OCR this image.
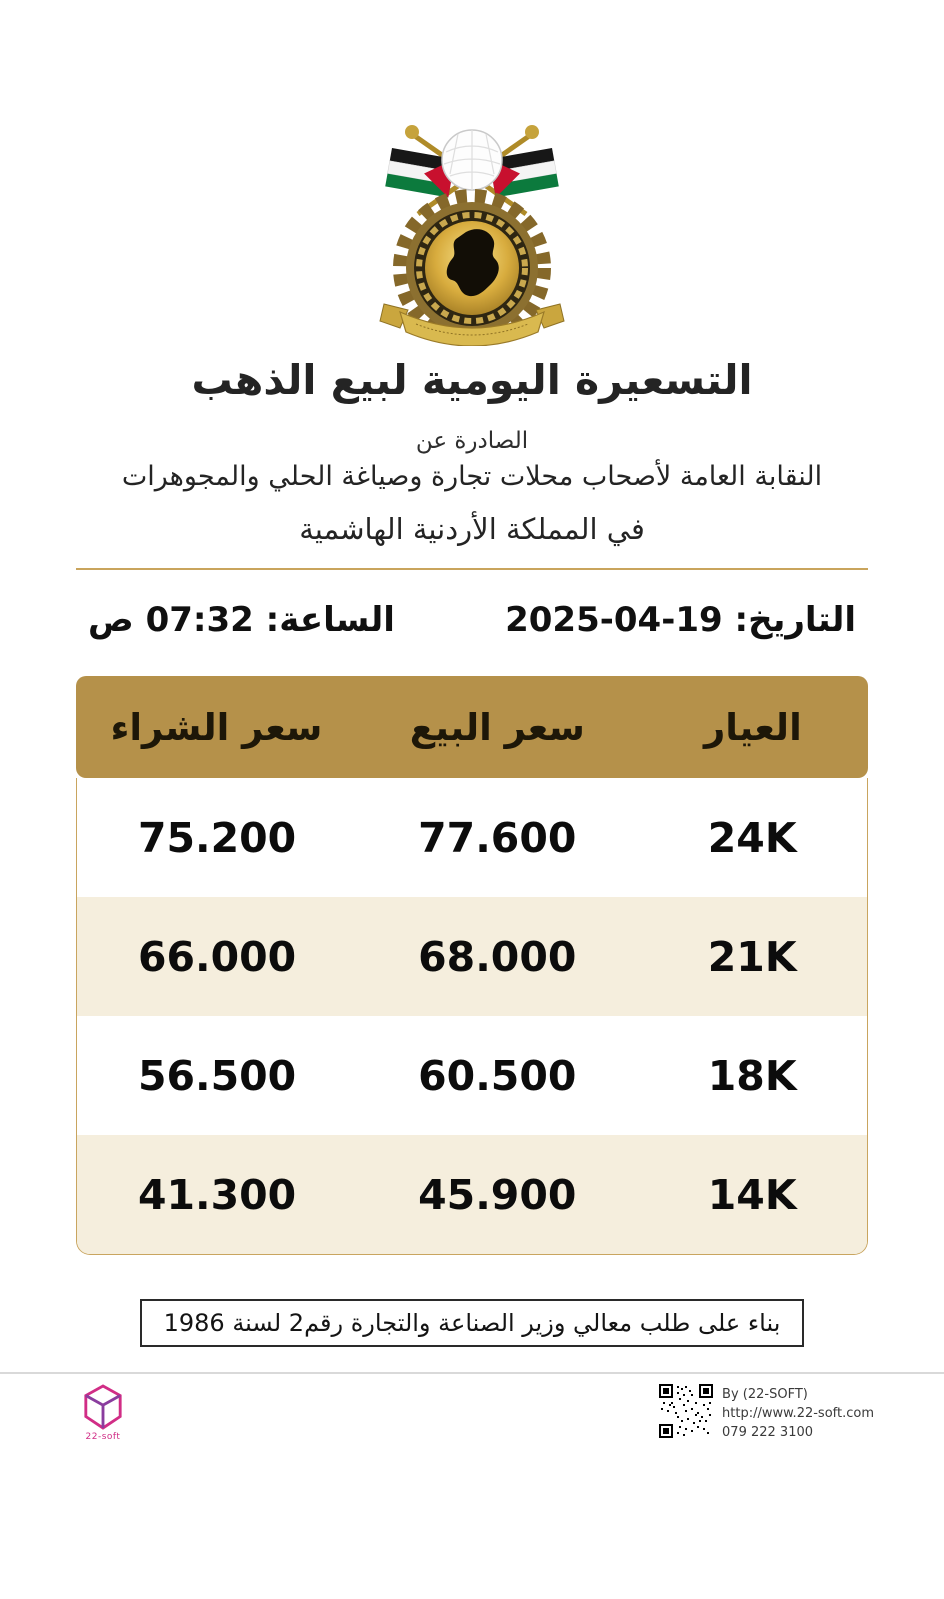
التسعيرة اليومية لبيع الذهب
الصادرة عن
النقابة العامة لأصحاب محلات تجارة وصياغة الحلي والمجوهرات
في المملكة الأردنية الهاشمية
التاريخ: 19-04-2025
الساعة: 07:32 ص
العيار
سعر البيع
سعر الشراء
24K
77.600
75.200
21K
68.000
66.000
18K
60.500
56.500
14K
45.900
41.300
بناء على طلب معالي وزير الصناعة والتجارة رقم2 لسنة 1986
22-soft
By (22-SOFT)
http://www.22-soft.com
079 222 3100
